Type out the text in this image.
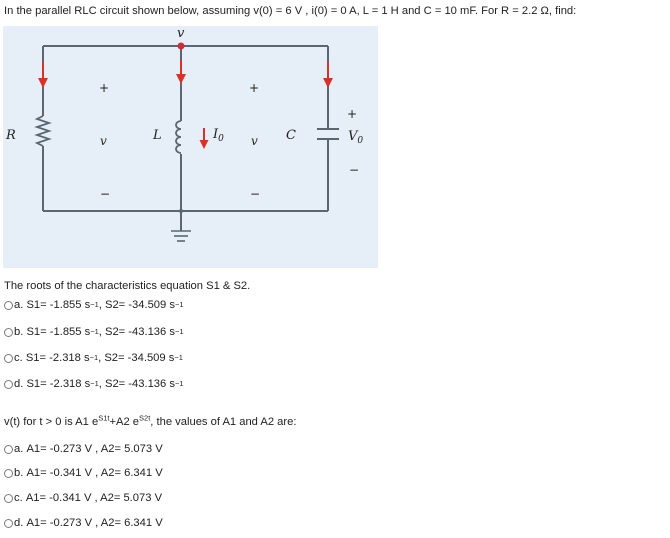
In the parallel RLC circuit shown below, assuming v(0) = 6 V , i(0) = 0 A, L = 1 H and C = 10 mF. For R = 2.2 Ω, find:
v
R	L	C
v	v
$I_0$	$V_0$
+	+
+
−	−
−
The roots of the characteristics equation S1 & S2.
a.
S1= -1.855 s −1 , S2= -34.509 s −1
b.
S1= -1.855 s −1 , S2= -43.136 s −1
c.
S1= -2.318 s −1 , S2= -34.509 s −1
d.
S1= -2.318 s −1 , S2= -43.136 s −1
v(t) for t > 0 is A1 $e^{S1t}+A2$ $e^{S2t}$, the values of A1 and A2 are:
a.
A1= -0.273 V , A2= 5.073 V
b.
A1= -0.341 V , A2= 6.341 V
c.
A1= -0.341 V , A2= 5.073 V
d.
A1= -0.273 V , A2= 6.341 V
